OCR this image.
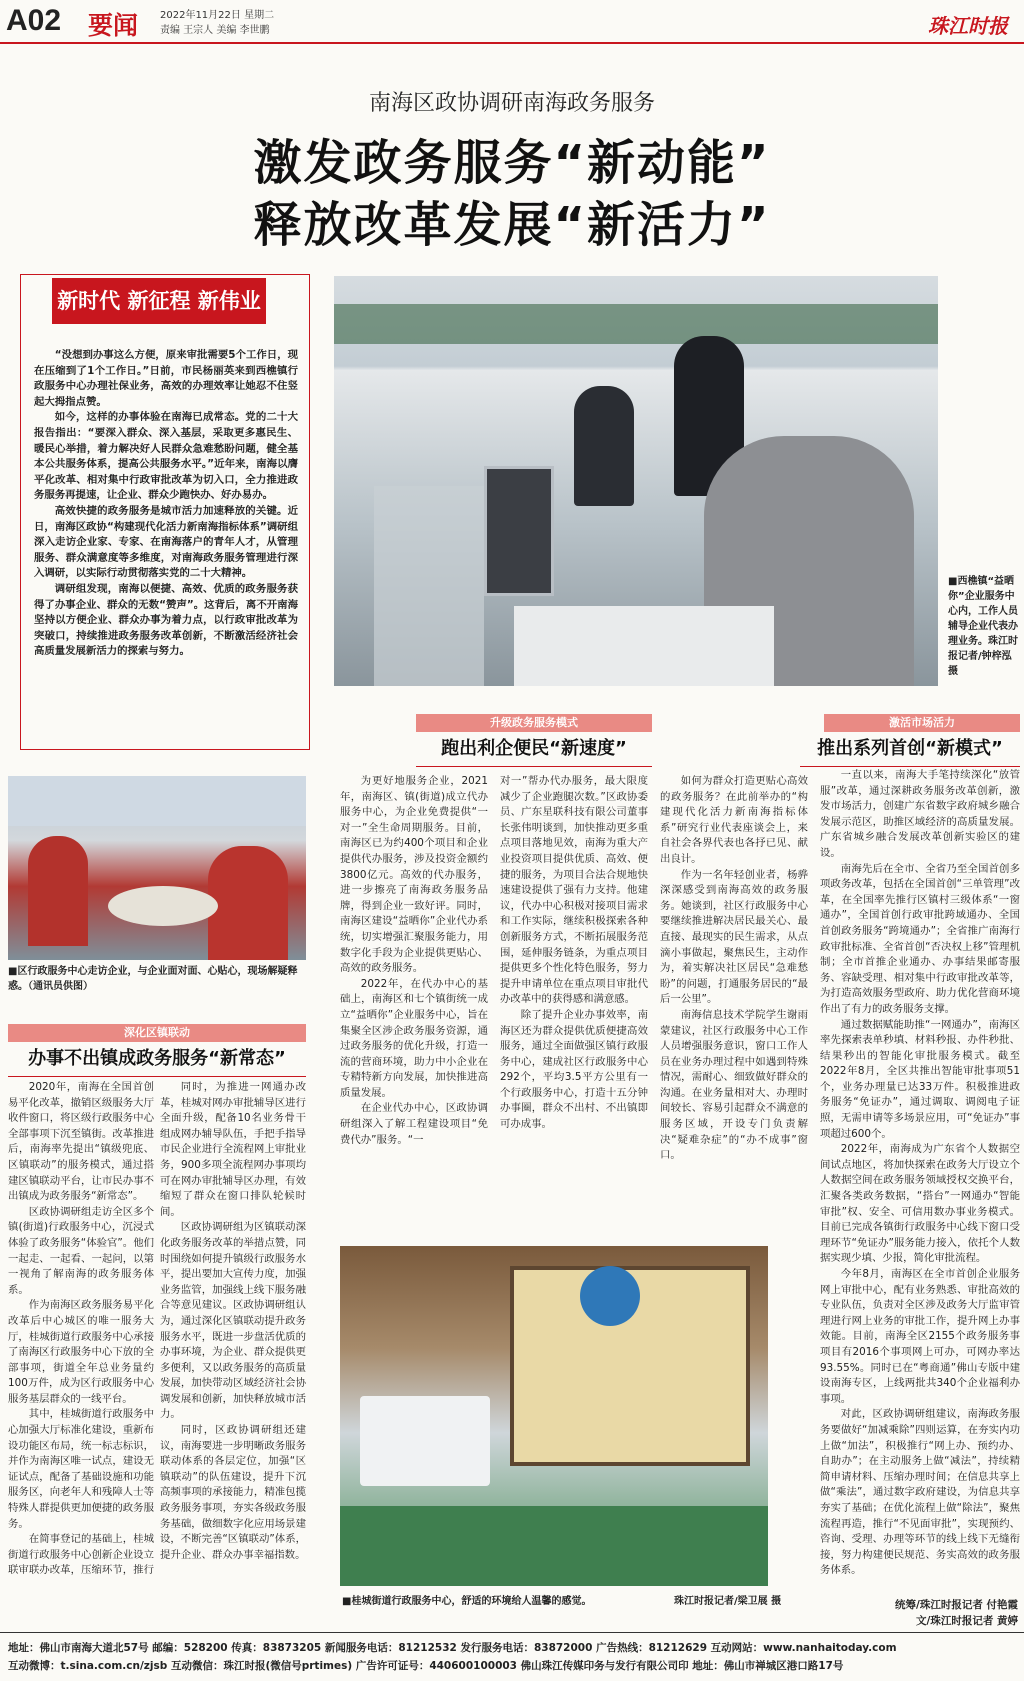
A02 要闻 2022年11月22日 星期二
责编 王宗人 美编 李世鹏	珠江时报
南海区政协调研南海政务服务
激发政务服务“新动能”
释放改革发展“新活力”
新时代 新征程 新伟业

“没想到办事这么方便，原来审批需要5个工作日，现在压缩到了1个工作日。”日前，市民杨丽英来到西樵镇行政服务中心办理社保业务，高效的办理效率让她忍不住竖起大拇指点赞。

如今，这样的办事体验在南海已成常态。党的二十大报告指出：“要深入群众、深入基层，采取更多惠民生、暖民心举措，着力解决好人民群众急难愁盼问题，健全基本公共服务体系，提高公共服务水平。”近年来，南海以膺平化改革、相对集中行政审批改革为切入口，全力推进政务服务再提速，让企业、群众少跑快办、好办易办。

高效快捷的政务服务是城市活力加速释放的关键。近日，南海区政协“构建现代化活力新南海指标体系”调研组深入走访企业家、专家、在南海落户的青年人才，从管理服务、群众满意度等多维度，对南海政务服务管理进行深入调研，以实际行动贯彻落实党的二十大精神。

调研组发现，南海以便捷、高效、优质的政务服务获得了办事企业、群众的无数“赞声”。这背后，离不开南海坚持以方便企业、群众办事为着力点，以行政审批改革为突破口，持续推进政务服务改革创新，不断激活经济社会高质量发展新活力的探索与努力。

■西樵镇“益晒你”企业服务中心内，工作人员辅导企业代表办理业务。珠江时报记者/钟梓泓 摄
■区行政服务中心走访企业，与企业面对面、心贴心，现场解疑释惑。（通讯员供图）
深化区镇联动
办事不出镇成政务服务“新常态”

2020年，南海在全国首创易平化改革，撤销区级服务大厅收件窗口，将区级行政服务中心全部事项下沉至镇街。改革推进后，南海率先提出“镇级兜底、区镇联动”的服务模式，通过搭建区镇联动平台，让市民办事不出镇成为政务服务“新常态”。

区政协调研组走访全区多个镇(街道)行政服务中心，沉浸式体验了政务服务“体验官”。他们一起走、一起看、一起问，以第一视角了解南海的政务服务体系。

作为南海区政务服务易平化改革后中心城区的唯一服务大厅，桂城街道行政服务中心承接了南海区行政服务中心下放的全部事项，街道全年总业务量约100万件，成为区行政服务中心服务基层群众的一线平台。

其中，桂城街道行政服务中心加强大厅标准化建设，重新布设功能区布局，统一标志标识，并作为南海区唯一试点，建设无证试点，配备了基础设施和功能服务区，向老年人和残障人士等特殊人群提供更加便捷的政务服务。

在简事登记的基础上，桂城街道行政服务中心创新企业设立联审联办改革，压缩环节，推行

同时，为推进一网通办改革，桂城对网办审批辅导区进行全面升级，配备10名业务骨干组成网办辅导队伍，手把手指导市民企业进行全流程网上审批业务，900多项全流程网办事项均可在网办审批辅导区办理，有效缩短了群众在窗口排队轮候时间。

区政协调研组为区镇联动深化政务服务改革的举措点赞，同时围绕如何提升镇级行政服务水平，提出要加大宣传力度，加强业务监管，加强线上线下服务融合等意见建议。区政协调研组认为，通过深化区镇联动提升政务服务水平，既进一步盘活优质的办事环境，为企业、群众提供更多便利，又以政务服务的高质量发展，加快带动区域经济社会协调发展和创新，加快释放城市活力。

同时，区政协调研组还建议，南海要进一步明晰政务服务联动体系的各层定位，加强“区镇联动”的队伍建设，提升下沉高频事项的承接能力，精准包揽政务服务事项，夯实各级政务服务基础，做细数字化应用场景建设，不断完善“区镇联动”体系，提升企业、群众办事幸福指数。

升级政务服务模式
跑出利企便民“新速度”

为更好地服务企业，2021年，南海区、镇(街道)成立代办服务中心，为企业免费提供“一对一”全生命周期服务。目前，南海区已为约400个项目和企业提供代办服务，涉及投资金额约3800亿元。高效的代办服务，进一步擦亮了南海政务服务品牌，得到企业一致好评。同时，南海区建设“益晒你”企业代办系统，切实增强汇聚服务能力，用数字化手段为企业提供更贴心、高效的政务服务。

2022年，在代办中心的基础上，南海区和七个镇街统一成立“益晒你”企业服务中心，旨在集聚全区涉企政务服务资源，通过政务服务的优化升级，打造一流的营商环境，助力中小企业在专精特新方向发展，加快推进高质量发展。

在企业代办中心，区政协调研组深入了解工程建设项目“免费代办”服务。“一

对一”帮办代办服务，最大限度减少了企业跑腿次数。”区政协委员、广东星联科技有限公司董事长张伟明谈到，加快推动更多重点项目落地见效，南海为重大产业投资项目提供优质、高效、便捷的服务，为项目合法合规地快速建设提供了强有力支持。他建议，代办中心积极对接项目需求和工作实际，继续积极探索各种创新服务方式，不断拓展服务范围，延伸服务链条，为重点项目提供更多个性化特色服务，努力提升申请单位在重点项目审批代办改革中的获得感和满意感。

除了提升企业办事效率，南海区还为群众提供优质便捷高效服务，通过全面做强区镇行政服务中心，建成社区行政服务中心292个，平均3.5平方公里有一个行政服务中心，打造十五分钟办事圈，群众不出村、不出镇即可办成事。

如何为群众打造更贴心高效的政务服务？在此前举办的“构建现代化活力新南海指标体系”研究行业代表座谈会上，来自社会各界代表也各抒已见、献出良计。

作为一名年轻创业者，杨骅深深感受到南海高效的政务服务。她谈到，社区行政服务中心要继续推进解决居民最关心、最直接、最现实的民生需求，从点滴小事做起，聚焦民生，主动作为，着实解决社区居民“急难愁盼”的问题，打通服务居民的“最后一公里”。

南海信息技术学院学生谢雨蒙建议，社区行政服务中心工作人员增强服务意识，窗口工作人员在业务办理过程中如遇到特殊情况，需耐心、细致做好群众的沟通。在业务量相对大、办理时间较长、容易引起群众不满意的服务区域，开设专门负责解决“疑难杂症”的“办不成事”窗口。

激活市场活力
推出系列首创“新模式”

一直以来，南海大手笔持续深化“放管服”改革，通过深耕政务服务改革创新，激发市场活力，创建广东省数字政府城乡融合发展示范区，助推区域经济的高质量发展。广东省城乡融合发展改革创新实验区的建设。

南海先后在全市、全省乃至全国首创多项政务改革，包括在全国首创“三单管理”改革，在全国率先推行区镇村三级体系“一窗通办”，全国首创行政审批跨域通办、全国首创政务服务“跨境通办”；全省推广南海行政审批标准、全省首创“否决权上移”管理机制；全市首推企业通办、办事结果邮寄服务、容缺受理、相对集中行政审批改革等，为打造高效服务型政府、助力优化营商环境作出了有力的政务服务支撑。

通过数据赋能助推“一网通办”，南海区率先探索表单秒填、材料秒报、办件秒批、结果秒出的智能化审批服务模式。截至2022年8月，全区共推出智能审批事项51个，业务办理量已达33万件。积极推进政务服务“免证办”，通过调取、调阅电子证照，无需申请等多场景应用，可“免证办”事项超过600个。

2022年，南海成为广东省个人数据空间试点地区，将加快探索在政务大厅设立个人数据空间在政务服务领域授权交换平台，汇聚各类政务数据，“搭台”一网通办“智能审批”权、安全、可信用数办事业务模式。目前已完成各镇街行政服务中心线下窗口受理环节“免证办”服务能力接入，依托个人数据实现少填、少报，简化审批流程。

今年8月，南海区在全市首创企业服务网上审批中心，配有业务熟悉、审批高效的专业队伍，负责对全区涉及政务大厅监审管理进行网上业务的审批工作，提升网上办事效能。目前，南海全区2155个政务服务事项目有2016个事项网上可办，可网办率达93.55%。同时已在“粤商通”佛山专版中建设南海专区，上线两批共340个企业福利办事项。

对此，区政协调研组建议，南海政务服务要做好“加减乘除”四则运算，在夯实内功上做“加法”，积极推行“网上办、预约办、自助办”；在主动服务上做“减法”，持续精简申请材料、压缩办理时间；在信息共享上做“乘法”，通过数字政府建设，为信息共享夯实了基础；在优化流程上做“除法”，聚焦流程再造，推行“不见面审批”，实现预约、咨询、受理、办理等环节的线上线下无缝衔接，努力构建便民规范、务实高效的政务服务体系。

■桂城街道行政服务中心，舒适的环境给人温馨的感觉。	珠江时报记者/梁卫展 摄	统筹/珠江时报记者 付艳霞
文/珠江时报记者 黄婷
地址：佛山市南海大道北57号 邮编：528200 传真：83873205 新闻服务电话：81212532 发行服务电话：83872000 广告热线：81212629 互动网站：www.nanhaitoday.com
互动微博：t.sina.com.cn/zjsb 互动微信：珠江时报(微信号prtimes) 广告许可证号：440600100003 佛山珠江传媒印务与发行有限公司印 地址：佛山市禅城区港口路17号
